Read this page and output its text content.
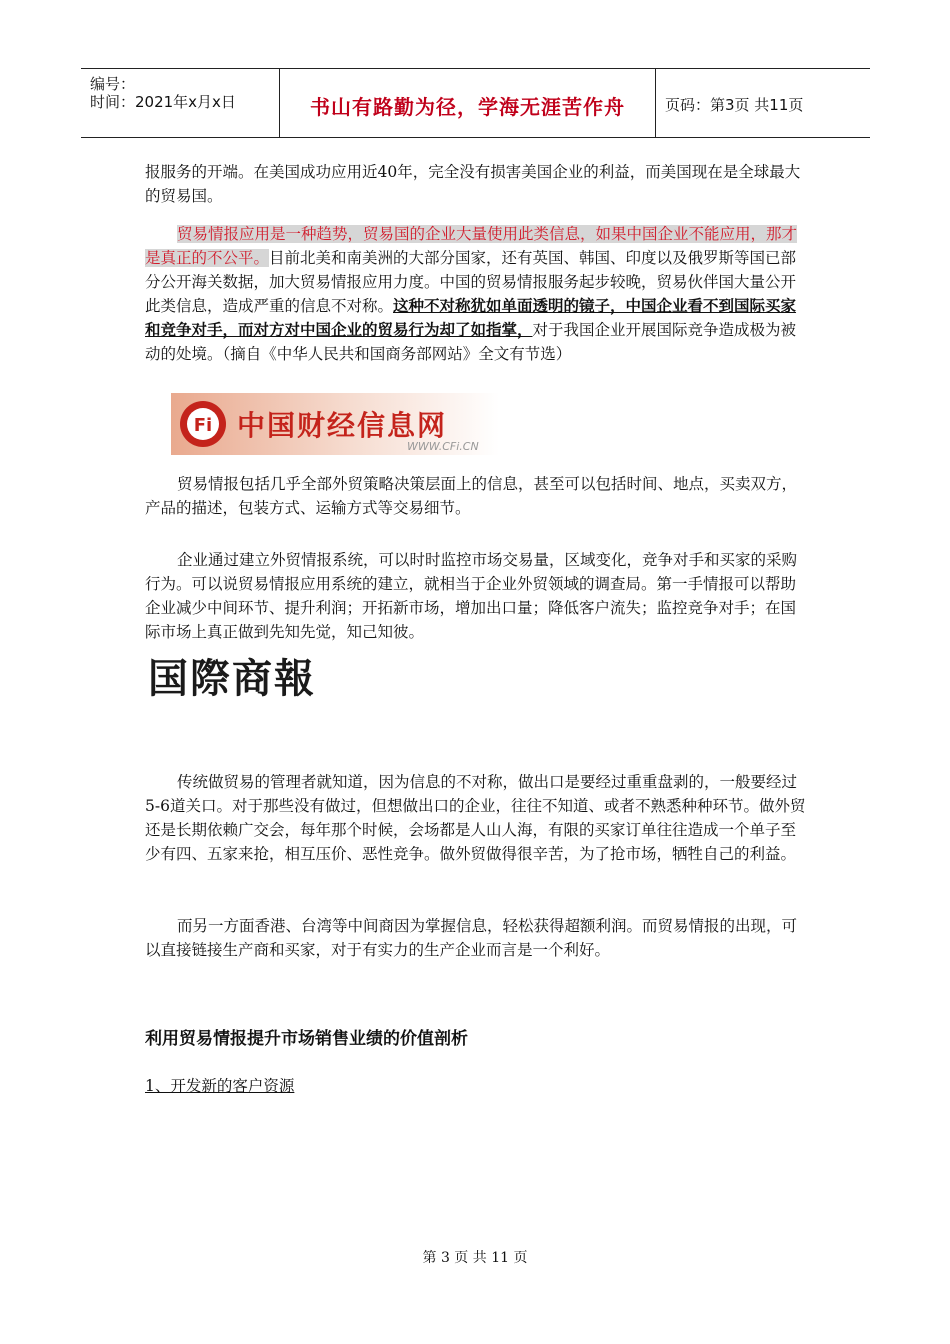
编号：
时间：2021年x月x日	书山有路勤为径，学海无涯苦作舟	页码：第3页 共11页
报服务的开端。在美国成功应用近40年，完全没有损害美国企业的利益，而美国现在是全球最大的贸易国。
贸易情报应用是一种趋势，贸易国的企业大量使用此类信息，如果中国企业不能应用，那才是真正的不公平。目前北美和南美洲的大部分国家，还有英国、韩国、印度以及俄罗斯等国已部分公开海关数据，加大贸易情报应用力度。中国的贸易情报服务起步较晚，贸易伙伴国大量公开此类信息，造成严重的信息不对称。这种不对称犹如单面透明的镜子，中国企业看不到国际买家和竞争对手，而对方对中国企业的贸易行为却了如指掌，对于我国企业开展国际竞争造成极为被动的处境。（摘自《中华人民共和国商务部网站》全文有节选）
Fi 中国财经信息网
WWW.CFi.CN
贸易情报包括几乎全部外贸策略决策层面上的信息，甚至可以包括时间、地点，买卖双方，产品的描述，包装方式、运输方式等交易细节。
企业通过建立外贸情报系统，可以时时监控市场交易量，区域变化，竞争对手和买家的采购行为。可以说贸易情报应用系统的建立，就相当于企业外贸领域的调查局。第一手情报可以帮助企业减少中间环节、提升利润；开拓新市场，增加出口量；降低客户流失；监控竞争对手；在国际市场上真正做到先知先觉，知己知彼。
国際商報
传统做贸易的管理者就知道，因为信息的不对称，做出口是要经过重重盘剥的，一般要经过5-6道关口。对于那些没有做过，但想做出口的企业，往往不知道、或者不熟悉种种环节。做外贸还是长期依赖广交会，每年那个时候，会场都是人山人海，有限的买家订单往往造成一个单子至少有四、五家来抢，相互压价、恶性竞争。做外贸做得很辛苦，为了抢市场，牺牲自己的利益。
而另一方面香港、台湾等中间商因为掌握信息，轻松获得超额利润。而贸易情报的出现，可以直接链接生产商和买家，对于有实力的生产企业而言是一个利好。
利用贸易情报提升市场销售业绩的价值剖析
1、开发新的客户资源
第 3 页 共 11 页
